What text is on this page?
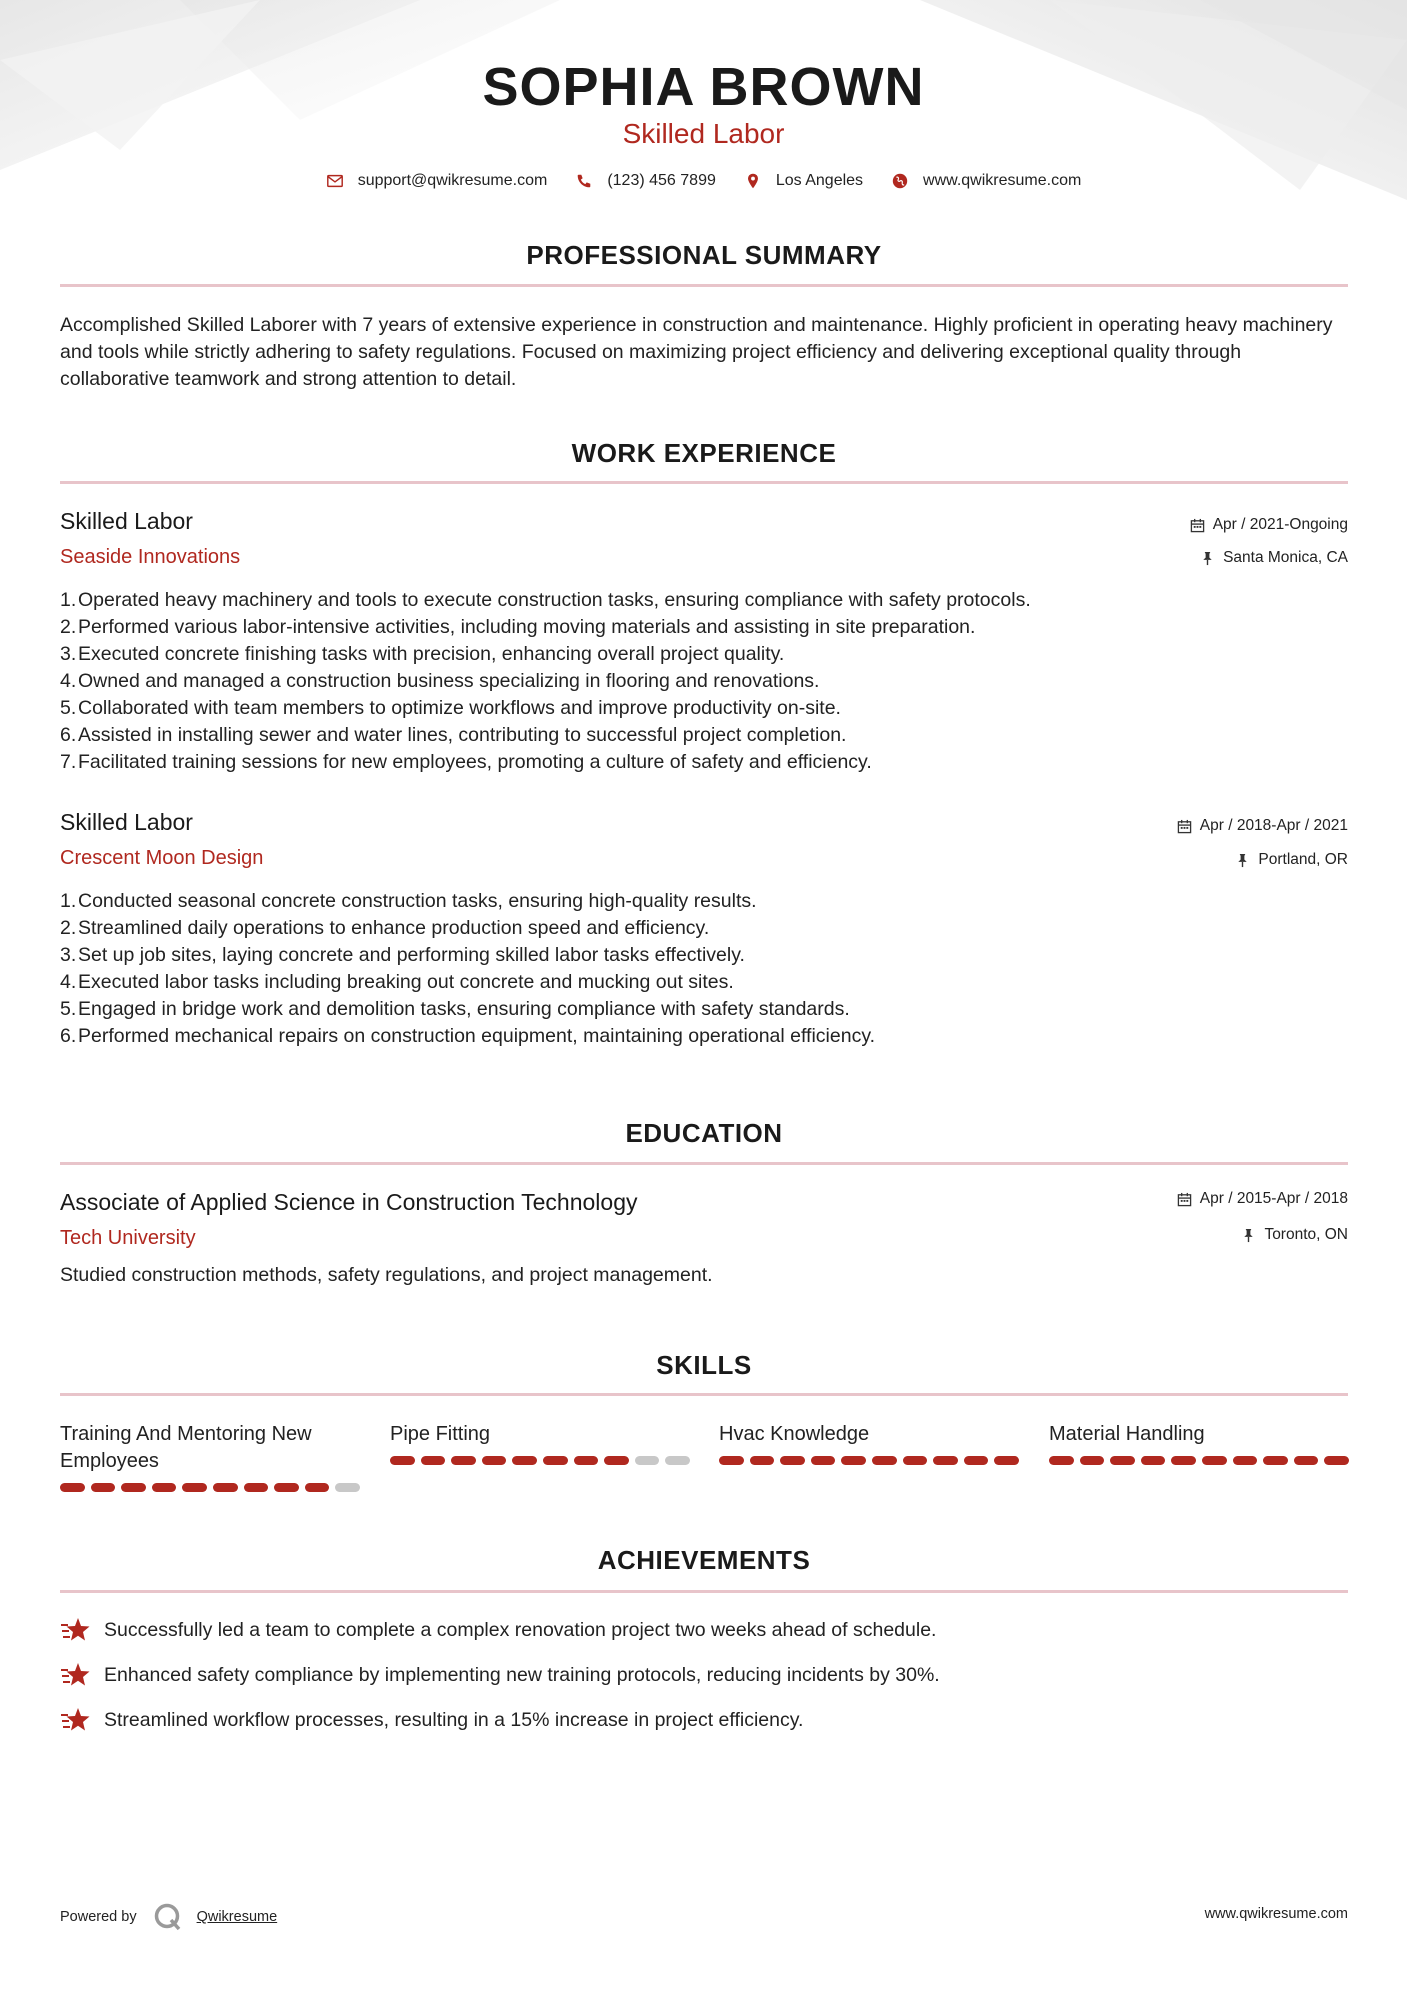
SOPHIA BROWN
Skilled Labor
support@qwikresume.com	(123) 456 7899	Los Angeles	www.qwikresume.com
PROFESSIONAL SUMMARY
Accomplished Skilled Laborer with 7 years of extensive experience in construction and maintenance. Highly proficient in operating heavy machinery and tools while strictly adhering to safety regulations. Focused on maximizing project efficiency and delivering exceptional quality through collaborative teamwork and strong attention to detail.
WORK EXPERIENCE
Skilled Labor	Apr / 2021-Ongoing
Seaside Innovations	Santa Monica, CA
1.Operated heavy machinery and tools to execute construction tasks, ensuring compliance with safety protocols.
2.Performed various labor-intensive activities, including moving materials and assisting in site preparation.
3.Executed concrete finishing tasks with precision, enhancing overall project quality.
4.Owned and managed a construction business specializing in flooring and renovations.
5.Collaborated with team members to optimize workflows and improve productivity on-site.
6.Assisted in installing sewer and water lines, contributing to successful project completion.
7.Facilitated training sessions for new employees, promoting a culture of safety and efficiency.
Skilled Labor	Apr / 2018-Apr / 2021
Crescent Moon Design	Portland, OR
1.Conducted seasonal concrete construction tasks, ensuring high-quality results.
2.Streamlined daily operations to enhance production speed and efficiency.
3.Set up job sites, laying concrete and performing skilled labor tasks effectively.
4.Executed labor tasks including breaking out concrete and mucking out sites.
5.Engaged in bridge work and demolition tasks, ensuring compliance with safety standards.
6.Performed mechanical repairs on construction equipment, maintaining operational efficiency.
EDUCATION
Associate of Applied Science in Construction Technology	Apr / 2015-Apr / 2018
Tech University	Toronto, ON
Studied construction methods, safety regulations, and project management.
SKILLS
Training And Mentoring New Employees
Pipe Fitting	Hvac Knowledge	Material Handling
ACHIEVEMENTS
Successfully led a team to complete a complex renovation project two weeks ahead of schedule.
Enhanced safety compliance by implementing new training protocols, reducing incidents by 30%.
Streamlined workflow processes, resulting in a 15% increase in project efficiency.
Powered by	Qwikresume	www.qwikresume.com
